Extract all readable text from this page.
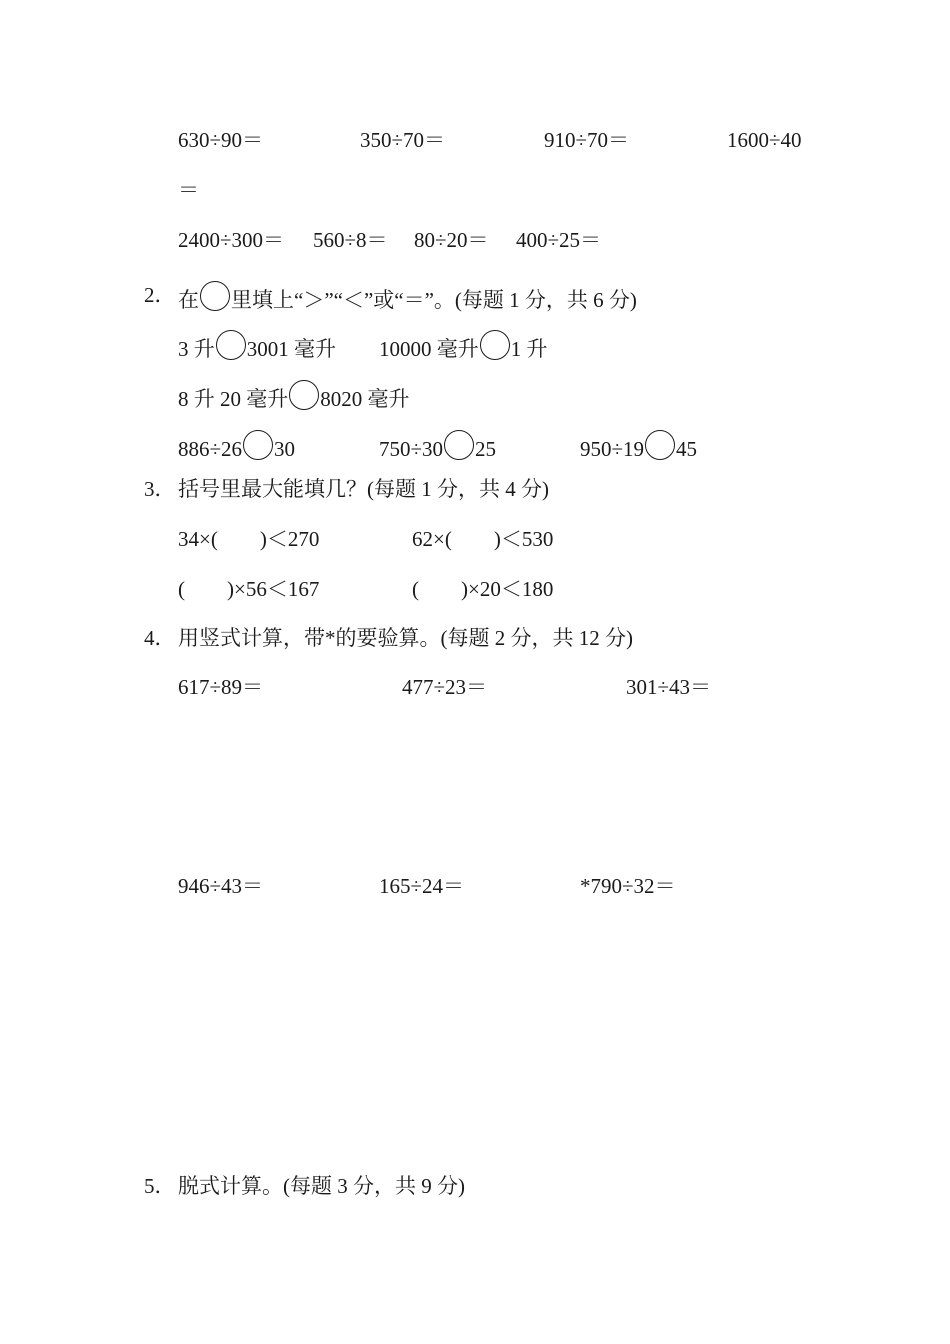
630÷90＝	350÷70＝	910÷70＝	1600÷40
＝
2400÷300＝ 560÷8＝ 80÷20＝ 400÷25＝
2． 在 里填上“＞”“＜”或“＝”。(每题 1 分，共 6 分)
3 升 3001 毫升 10000 毫升 1 升
8 升 20 毫升 8020 毫升
886÷26 30	750÷30 25	950÷19 45
3． 括号里最大能填几？(每题 1 分，共 4 分)
34×( )＜270	62×( )＜530
( )×56＜167	( )×20＜180
4． 用竖式计算，带*的要验算。(每题 2 分，共 12 分)
617÷89＝	477÷23＝	301÷43＝
946÷43＝	165÷24＝	*790÷32＝
5． 脱式计算。(每题 3 分，共 9 分)
